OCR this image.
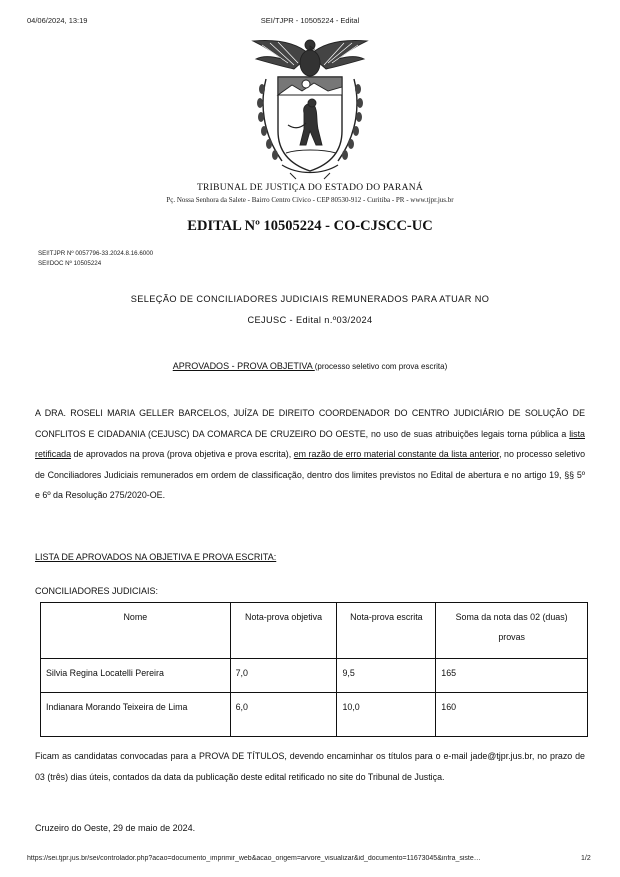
04/06/2024, 13:19	SEI/TJPR - 10505224 - Edital
TRIBUNAL DE JUSTIÇA DO ESTADO DO PARANÁ
Pç. Nossa Senhora da Salete - Bairro Centro Cívico - CEP 80530-912 - Curitiba - PR - www.tjpr.jus.br
EDITAL Nº 10505224 - CO-CJSCC-UC
SEI!TJPR Nº 0057796-33.2024.8.16.6000
SEI!DOC Nº 10505224
SELEÇÃO DE CONCILIADORES JUDICIAIS REMUNERADOS PARA ATUAR NO
CEJUSC - Edital n.º03/2024
APROVADOS - PROVA OBJETIVA (processo seletivo com prova escrita)
A DRA. ROSELI MARIA GELLER BARCELOS, JUÍZA DE DIREITO COORDENADOR DO CENTRO JUDICIÁRIO DE SOLUÇÃO DE CONFLITOS E CIDADANIA (CEJUSC) DA COMARCA DE CRUZEIRO DO OESTE, no uso de suas atribuições legais torna pública a lista retificada de aprovados na prova (prova objetiva e prova escrita), em razão de erro material constante da lista anterior, no processo seletivo de Conciliadores Judiciais remunerados em ordem de classificação, dentro dos limites previstos no Edital de abertura e no artigo 19, §§ 5º e 6º da Resolução 275/2020-OE.
LISTA DE APROVADOS NA OBJETIVA E PROVA ESCRITA:
CONCILIADORES JUDICIAIS:
Nome	Nota-prova objetiva	Nota-prova escrita	Soma da nota das 02 (duas) provas
Silvia Regina Locatelli Pereira	7,0	9,5	165
Indianara Morando Teixeira de Lima	6,0	10,0	160
Ficam as candidatas convocadas para a PROVA DE TÍTULOS, devendo encaminhar os títulos para o e-mail jade@tjpr.jus.br, no prazo de 03 (três) dias úteis, contados da data da publicação deste edital retificado no site do Tribunal de Justiça.
Cruzeiro do Oeste, 29 de maio de 2024.
https://sei.tjpr.jus.br/sei/controlador.php?acao=documento_imprimir_web&acao_origem=arvore_visualizar&id_documento=11673045&infra_siste…	1/2
